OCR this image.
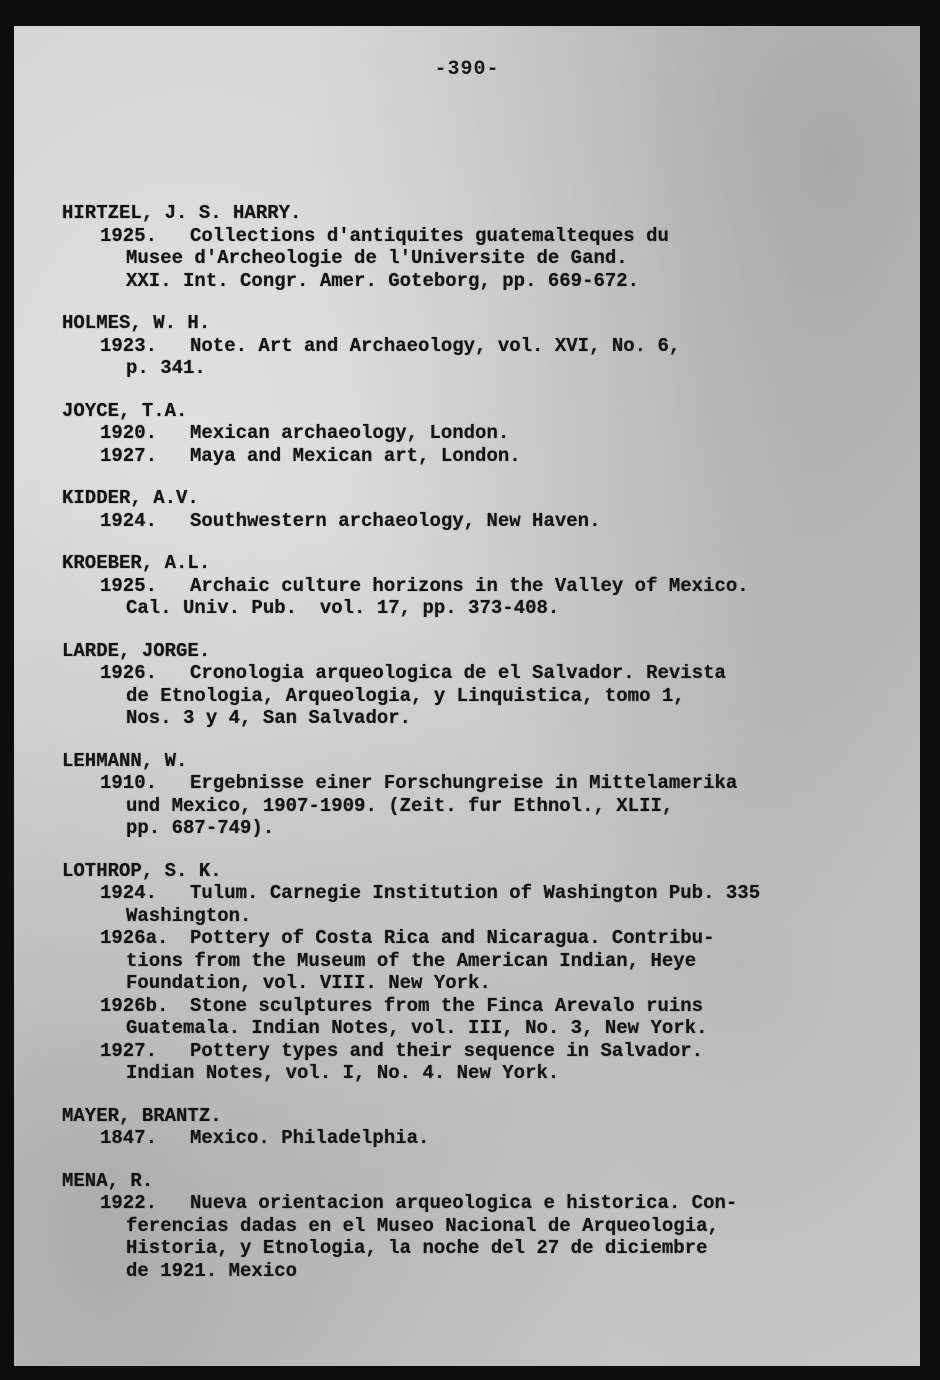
-390-
HIRTZEL, J. S. HARRY.
1925.	Collections d'antiquites guatemalteques du
Musee d'Archeologie de l'Universite de Gand.
XXI. Int. Congr. Amer. Goteborg, pp. 669-672.
HOLMES, W. H.
1923.	Note. Art and Archaeology, vol. XVI, No. 6,
p. 341.
JOYCE, T.A.
1920.	Mexican archaeology, London.
1927.	Maya and Mexican art, London.
KIDDER, A.V.
1924.	Southwestern archaeology, New Haven.
KROEBER, A.L.
1925.	Archaic culture horizons in the Valley of Mexico.
Cal. Univ. Pub.  vol. 17, pp. 373-408.
LARDE, JORGE.
1926.	Cronologia arqueologica de el Salvador. Revista
de Etnologia, Arqueologia, y Linquistica, tomo 1,
Nos. 3 y 4, San Salvador.
LEHMANN, W.
1910.	Ergebnisse einer Forschungreise in Mittelamerika
und Mexico, 1907-1909. (Zeit. fur Ethnol., XLII,
pp. 687-749).
LOTHROP, S. K.
1924.	Tulum. Carnegie Institution of Washington Pub. 335
Washington.
1926a.	Pottery of Costa Rica and Nicaragua. Contribu-
tions from the Museum of the American Indian, Heye
Foundation, vol. VIII. New York.
1926b.	Stone sculptures from the Finca Arevalo ruins
Guatemala. Indian Notes, vol. III, No. 3, New York.
1927.	Pottery types and their sequence in Salvador.
Indian Notes, vol. I, No. 4. New York.
MAYER, BRANTZ.
1847.	Mexico. Philadelphia.
MENA, R.
1922.	Nueva orientacion arqueologica e historica. Con-
ferencias dadas en el Museo Nacional de Arqueologia,
Historia, y Etnologia, la noche del 27 de diciembre
de 1921. Mexico
